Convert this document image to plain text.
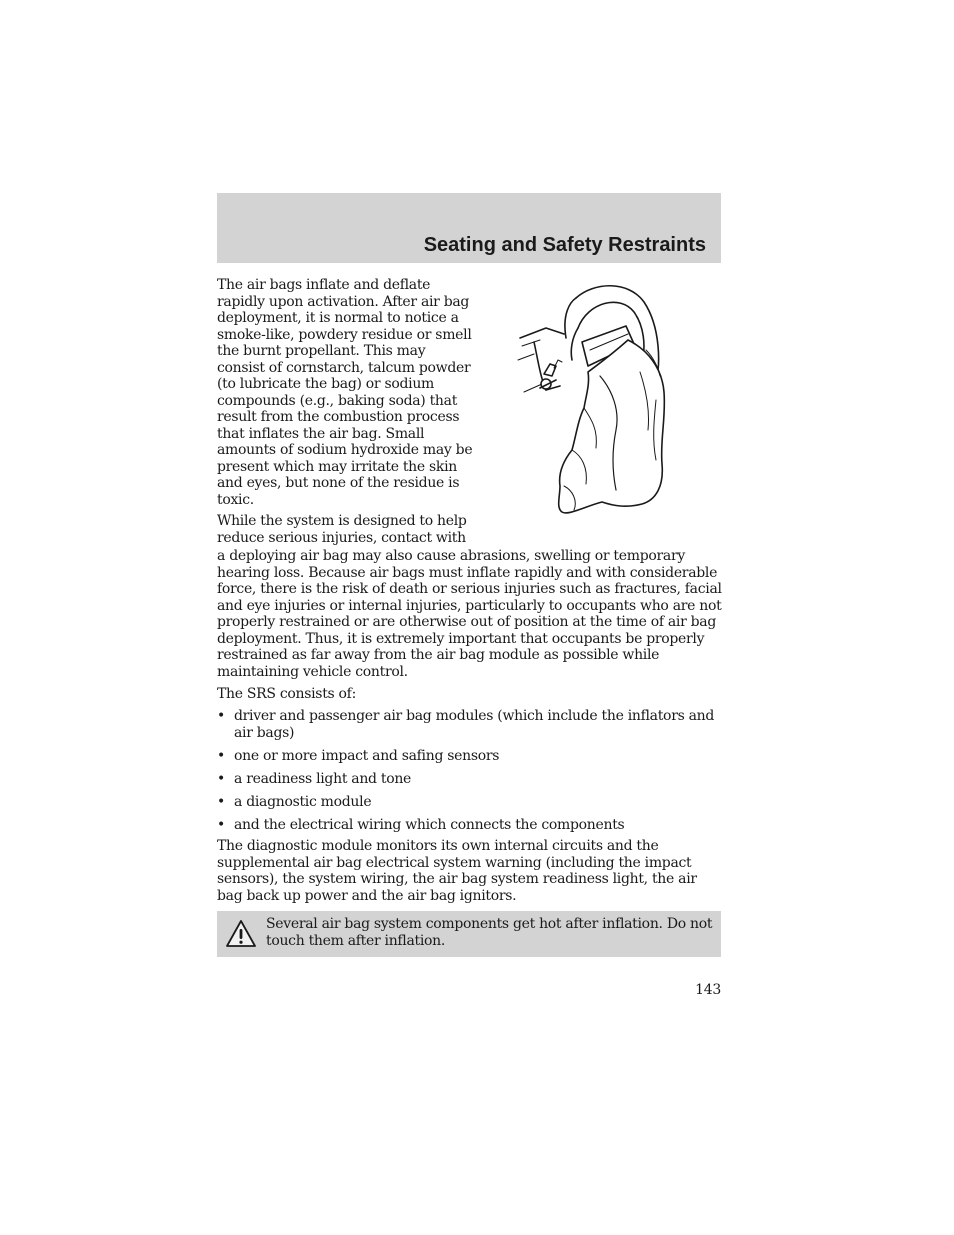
Seating and Safety Restraints

The air bags inflate and deflate rapidly upon activation. After air bag deployment, it is normal to notice a smoke-like, powdery residue or smell the burnt propellant. This may consist of cornstarch, talcum powder (to lubricate the bag) or sodium compounds (e.g., baking soda) that result from the combustion process that inflates the air bag. Small amounts of sodium hydroxide may be present which may irritate the skin and eyes, but none of the residue is toxic.

While the system is designed to help reduce serious injuries, contact with

a deploying air bag may also cause abrasions, swelling or temporary hearing loss. Because air bags must inflate rapidly and with considerable force, there is the risk of death or serious injuries such as fractures, facial and eye injuries or internal injuries, particularly to occupants who are not properly restrained or are otherwise out of position at the time of air bag deployment. Thus, it is extremely important that occupants be properly restrained as far away from the air bag module as possible while maintaining vehicle control.

The SRS consists of:

• driver and passenger air bag modules (which include the inflators and air bags)
• one or more impact and safing sensors
• a readiness light and tone
• a diagnostic module
• and the electrical wiring which connects the components

The diagnostic module monitors its own internal circuits and the supplemental air bag electrical system warning (including the impact sensors), the system wiring, the air bag system readiness light, the air bag back up power and the air bag ignitors.

Several air bag system components get hot after inflation. Do not touch them after inflation.

143
